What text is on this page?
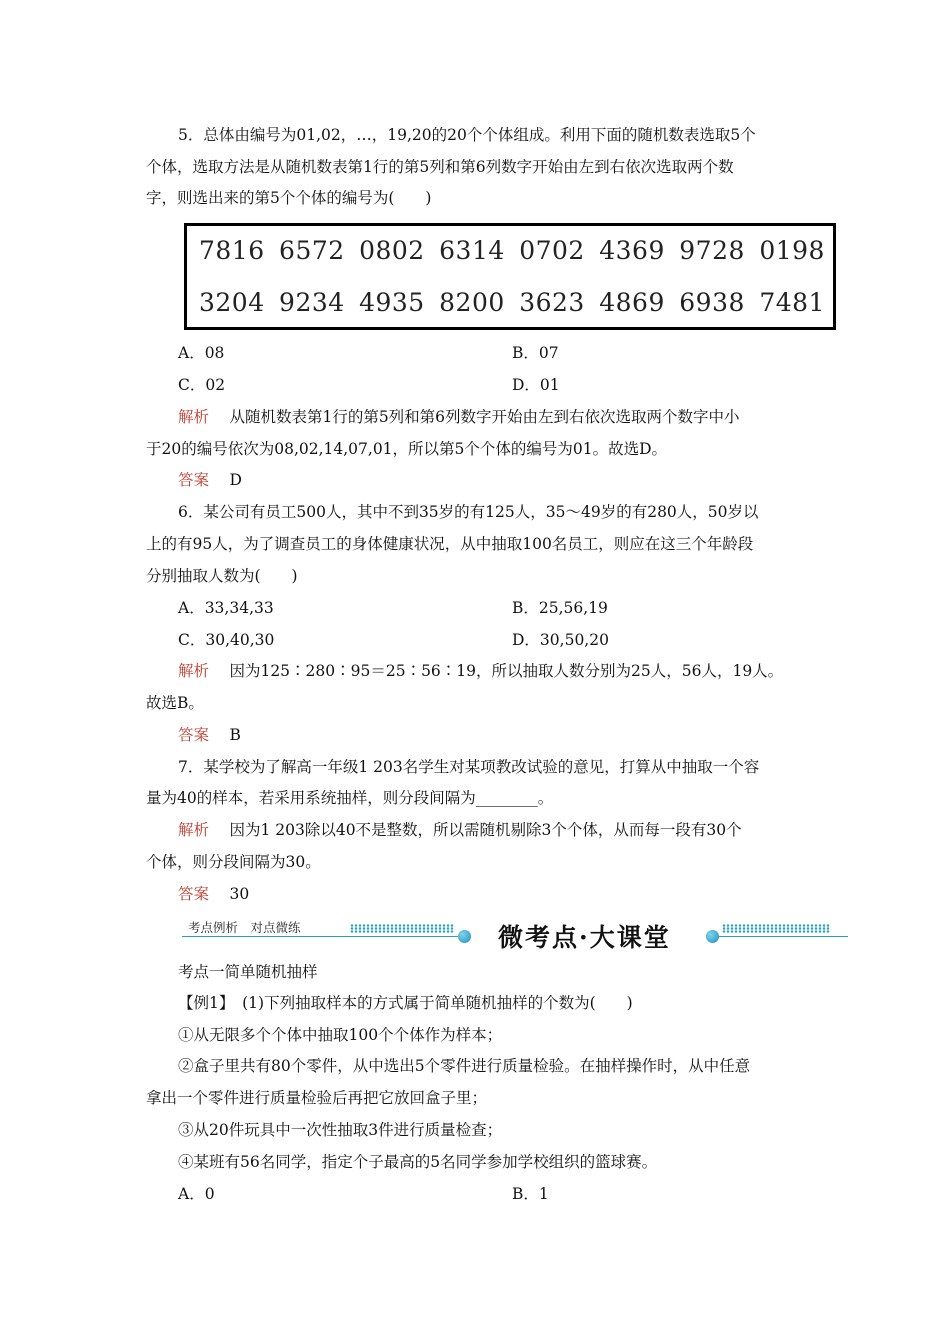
5．总体由编号为01,02，…，19,20的20个个体组成。利用下面的随机数表选取5个
个体，选取方法是从随机数表第1行的第5列和第6列数字开始由左到右依次选取两个数
字，则选出来的第5个个体的编号为(　　)
7816 6572 0802 6314 0702 4369 9728 0198
3204 9234 4935 8200 3623 4869 6938 7481
A．08	B．07
C．02	D．01
解析　 从随机数表第1行的第5列和第6列数字开始由左到右依次选取两个数字中小
于20的编号依次为08,02,14,07,01，所以第5个个体的编号为01。故选D。
答案　 D
6．某公司有员工500人，其中不到35岁的有125人，35～49岁的有280人，50岁以
上的有95人，为了调查员工的身体健康状况，从中抽取100名员工，则应在这三个年龄段
分别抽取人数为(　　)
A．33,34,33	B．25,56,19
C．30,40,30	D．30,50,20
解析　 因为125∶280∶95＝25∶56∶19，所以抽取人数分别为25人，56人，19人。
故选B。
答案　 B
7．某学校为了解高一年级1 203名学生对某项教改试验的意见，打算从中抽取一个容
量为40的样本，若采用系统抽样，则分段间隔为________。
解析　 因为1 203除以40不是整数，所以需随机剔除3个个体，从而每一段有30个
个体，则分段间隔为30。
答案　 30
考点例析　对点微练	微考点·大课堂
考点一简单随机抽样
【例1】　(1)下列抽取样本的方式属于简单随机抽样的个数为(　　)
①从无限多个个体中抽取100个个体作为样本；
②盒子里共有80个零件，从中选出5个零件进行质量检验。在抽样操作时，从中任意
拿出一个零件进行质量检验后再把它放回盒子里；
③从20件玩具中一次性抽取3件进行质量检查；
④某班有56名同学，指定个子最高的5名同学参加学校组织的篮球赛。
A．0	B．1
